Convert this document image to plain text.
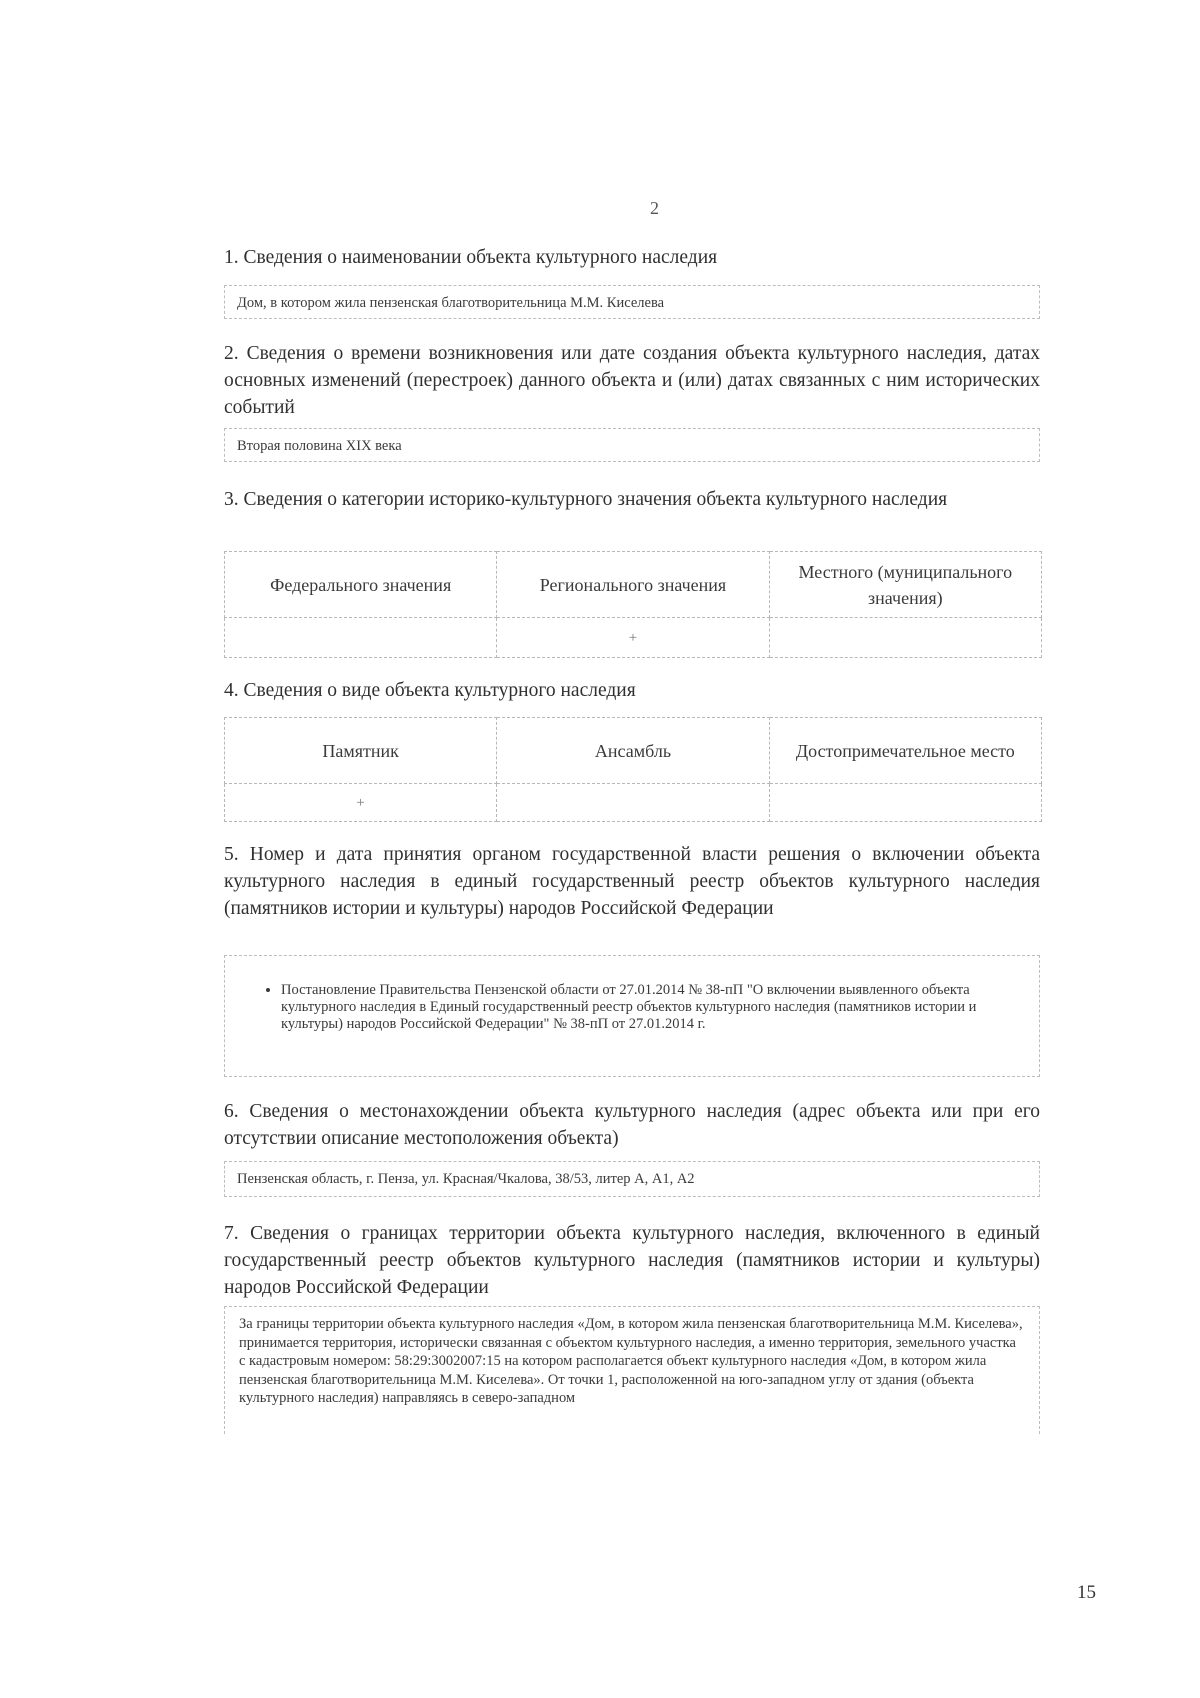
2
1. Сведения о наименовании объекта культурного наследия
Дом, в котором жила пензенская благотворительница М.М. Киселева
2. Сведения о времени возникновения или дате создания объекта культурного наследия, датах основных изменений (перестроек) данного объекта и (или) датах связанных с ним исторических событий
Вторая половина XIX века
3. Сведения о категории историко-культурного значения объекта культурного наследия
Федерального значения	Регионального значения	Местного (муниципального значения)
	+	
4. Сведения о виде объекта культурного наследия
Памятник	Ансамбль	Достопримечательное место
+		
5. Номер и дата принятия органом государственной власти решения о включении объекта культурного наследия в единый государственный реестр объектов культурного наследия (памятников истории и культуры) народов Российской Федерации
• Постановление Правительства Пензенской области от 27.01.2014 № 38-пП "О включении выявленного объекта культурного наследия в Единый государственный реестр объектов культурного наследия (памятников истории и культуры) народов Российской Федерации" № 38-пП от 27.01.2014 г.
6. Сведения о местонахождении объекта культурного наследия (адрес объекта или при его отсутствии описание местоположения объекта)
Пензенская область, г. Пенза, ул. Красная/Чкалова, 38/53, литер А, А1, А2
7. Сведения о границах территории объекта культурного наследия, включенного в единый государственный реестр объектов культурного наследия (памятников истории и культуры) народов Российской Федерации
За границы территории объекта культурного наследия «Дом, в котором жила пензенская благотворительница М.М. Киселева», принимается территория, исторически связанная с объектом культурного наследия, а именно территория, земельного участка с кадастровым номером: 58:29:3002007:15 на котором располагается объект культурного наследия «Дом, в котором жила пензенская благотворительница М.М. Киселева». От точки 1, расположенной на юго-западном углу от здания (объекта культурного наследия) направляясь в северо-западном
15
